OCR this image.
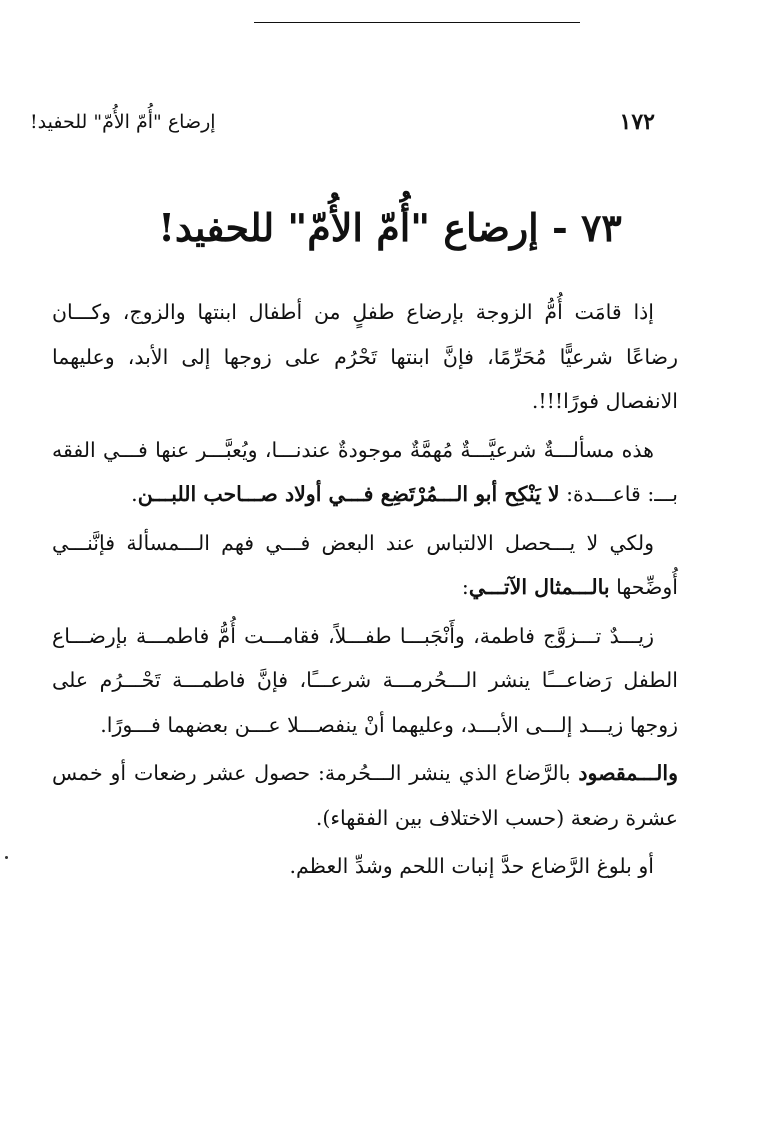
١٧٢
إرضاع "أُمّ الأُمّ" للحفيد!
٧٣ - إرضاع "أُمّ الأُمّ" للحفيد!

إذا قامَت أُمُّ الزوجة بإرضاع طفلٍ من أطفال ابنتها والزوج، وكـــان رضاعًا شرعيًّا مُحَرِّمًا، فإنَّ ابنتها تَحْرُم على زوجها إلى الأبد، وعليهما الانفصال فورًا!!!.

هذه مسألـــةٌ شرعيَّـــةٌ مُهمَّةٌ موجودةٌ عندنـــا، ويُعبَّـــر عنها فـــي الفقه بـــ: قاعـــدة: لا يَنْكِح أبو الـــمُرْتَضِع فـــي أولاد صـــاحب اللبـــن.

ولكي لا يـــحصل الالتباس عند البعض فـــي فهم الـــمسألة فإنَّنـــي أُوضِّحها بالـــمثال الآتـــي:

زيـــدٌ تـــزوَّج فاطمة، وأَنْجَبـــا طفـــلاً، فقامـــت أُمُّ فاطمـــة بإرضـــاع الطفل رَضاعـــًا ينشر الـــحُرمـــة شرعـــًا، فإنَّ فاطمـــة تَحْـــرُم على زوجها زيـــد إلـــى الأبـــد، وعليهما أنْ ينفصـــلا عـــن بعضهما فـــورًا.

والـــمقصود بالرَّضاع الذي ينشر الـــحُرمة: حصول عشر رضعات أو خمس عشرة رضعة (حسب الاختلاف بين الفقهاء).

أو بلوغ الرَّضاع حدَّ إنبات اللحم وشدِّ العظم.
